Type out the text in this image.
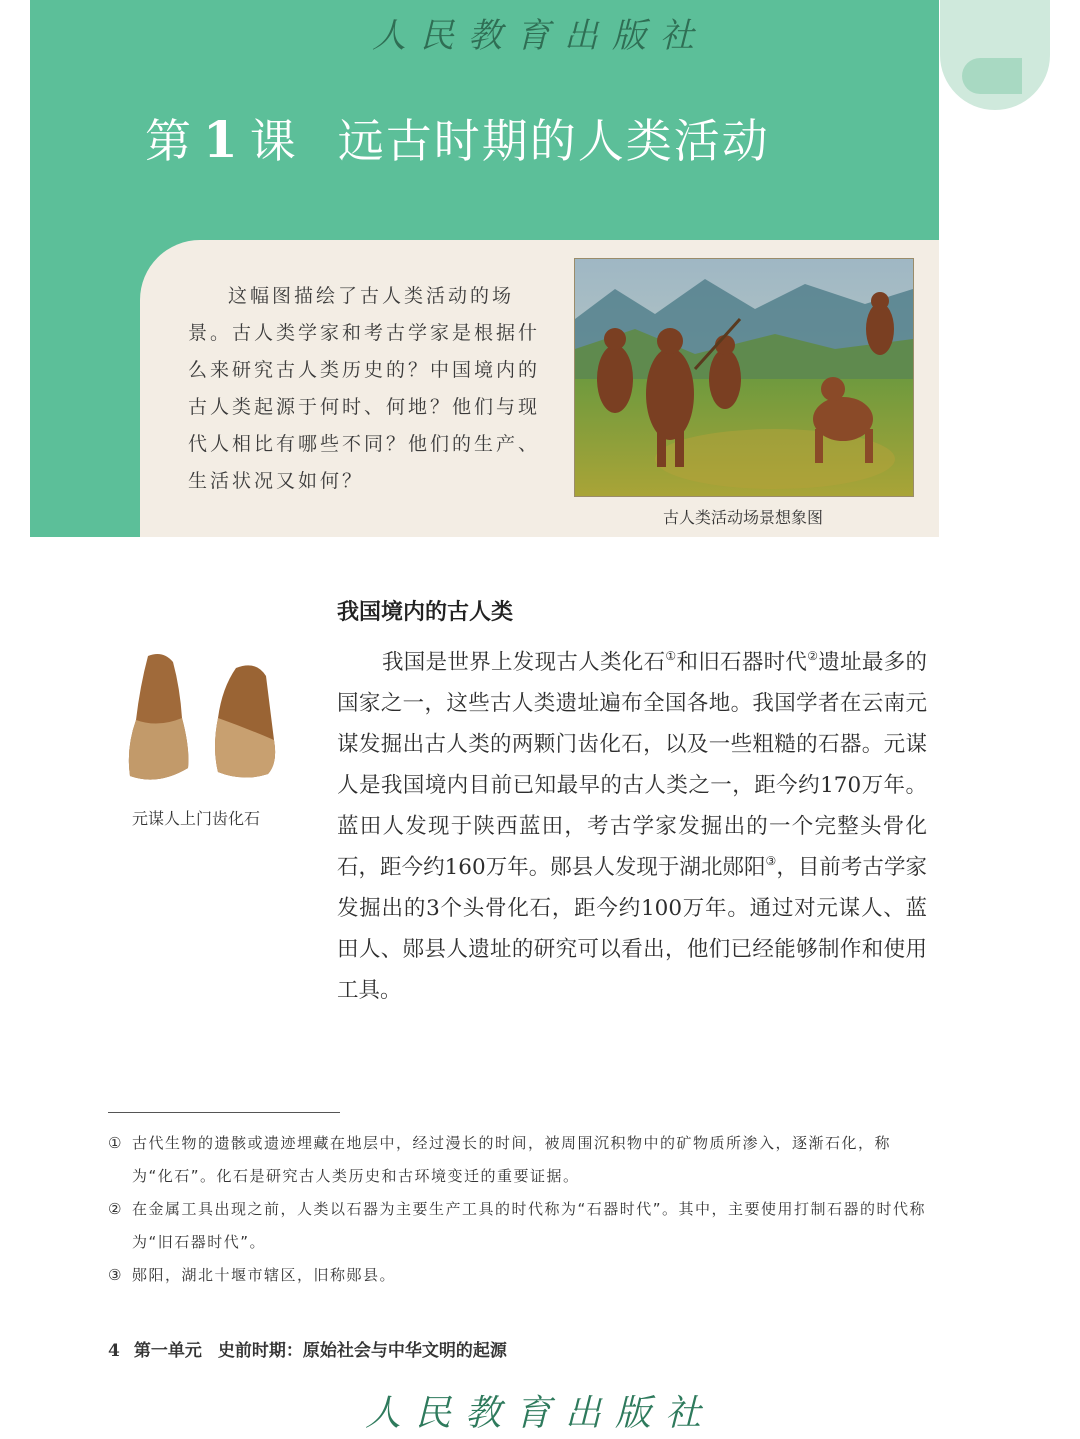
人民教育出版社
第 1 课 远古时期的人类活动
这幅图描绘了古人类活动的场景。古人类学家和考古学家是根据什么来研究古人类历史的？中国境内的古人类起源于何时、何地？他们与现代人相比有哪些不同？他们的生产、生活状况又如何？
古人类活动场景想象图
我国境内的古人类

我国是世界上发现古人类化石①和旧石器时代②遗址最多的国家之一，这些古人类遗址遍布全国各地。我国学者在云南元谋发掘出古人类的两颗门齿化石，以及一些粗糙的石器。元谋人是我国境内目前已知最早的古人类之一，距今约170万年。蓝田人发现于陕西蓝田，考古学家发掘出的一个完整头骨化石，距今约160万年。郧县人发现于湖北郧阳③，目前考古学家发掘出的3个头骨化石，距今约100万年。通过对元谋人、蓝田人、郧县人遗址的研究可以看出，他们已经能够制作和使用工具。

元谋人上门齿化石
① 古代生物的遗骸或遗迹埋藏在地层中，经过漫长的时间，被周围沉积物中的矿物质所渗入，逐渐石化，称为“化石”。化石是研究古人类历史和古环境变迁的重要证据。
② 在金属工具出现之前，人类以石器为主要生产工具的时代称为“石器时代”。其中，主要使用打制石器的时代称为“旧石器时代”。
③ 郧阳，湖北十堰市辖区，旧称郧县。
4 第一单元 史前时期：原始社会与中华文明的起源
人民教育出版社
